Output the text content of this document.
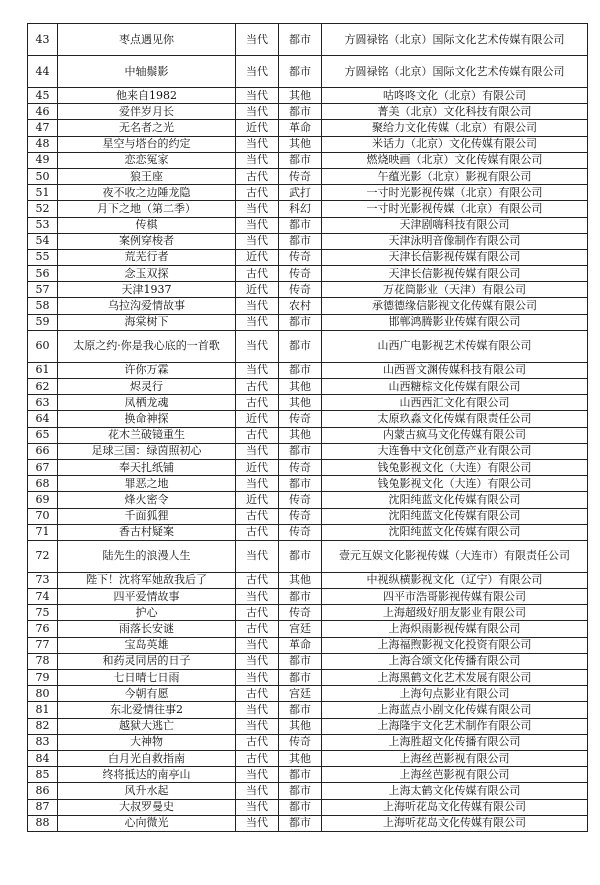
43	枣点遇见你	当代	都市	方圆禄铭（北京）国际文化艺术传媒有限公司
44	中轴鬃影	当代	都市	方圆禄铭（北京）国际文化艺术传媒有限公司
45	他来自1982	当代	其他	咕咚咚文化（北京）有限公司
46	爱伴岁月长	当代	都市	菁美（北京）文化科技有限公司
47	无名者之光	近代	革命	聚给力文化传媒（北京）有限公司
48	星空与塔台的约定	当代	其他	米话力（北京）文化传媒有限公司
49	恋恋冤家	当代	都市	燃烧映画（北京）文化传媒有限公司
50	狼王座	古代	传奇	午蕴光影（北京）影视有限公司
51	夜不收之边陲龙隐	古代	武打	一寸时光影视传媒（北京）有限公司
52	月下之地（第二季）	当代	科幻	一寸时光影视传媒（北京）有限公司
53	传棋	当代	都市	天津剧嗨科技有限公司
54	案例穿梭者	当代	都市	天津泳明音像制作有限公司
55	荒芜行者	近代	传奇	天津长信影视传媒有限公司
56	念玉双探	古代	传奇	天津长信影视传媒有限公司
57	天津1937	近代	传奇	万花筒影业（天津）有限公司
58	乌拉沟爱情故事	当代	农村	承德德缘信影视文化传媒有限公司
59	海棠树下	当代	都市	邯郸鸿腾影业传媒有限公司
60	太原之约·你是我心底的一首歌	当代	都市	山西广电影视艺术传媒有限公司
61	许你万霖	当代	都市	山西晋文渊传媒科技有限公司
62	烬灵行	古代	其他	山西糖棕文化传媒有限公司
63	凤栖龙魂	古代	其他	山西西汇文化有限公司
64	换命神探	近代	传奇	太原玖淼文化传媒有限责任公司
65	花木兰破镜重生	古代	其他	内蒙古疯马文化传媒有限公司
66	足球三国：绿茵照初心	当代	都市	大连鲁中文化创意产业有限公司
67	奉天扎纸铺	近代	传奇	钱兔影视文化（大连）有限公司
68	罪恶之地	当代	都市	钱兔影视文化（大连）有限公司
69	烽火密令	近代	传奇	沈阳纯蓝文化传媒有限公司
70	千面狐狸	古代	传奇	沈阳纯蓝文化传媒有限公司
71	香古村疑案	古代	传奇	沈阳纯蓝文化传媒有限公司
72	陆先生的浪漫人生	当代	都市	壹元互娱文化影视传媒（大连市）有限责任公司
73	陛下！沈将军她敌我后了	古代	其他	中视纵横影视文化（辽宁）有限公司
74	四平爱情故事	当代	都市	四平市浩哥影视传媒有限公司
75	护心	古代	传奇	上海超级好朋友影业有限公司
76	雨落长安谜	古代	宫廷	上海炽雨影视传媒有限公司
77	宝岛英雄	当代	革命	上海福煦影视文化投资有限公司
78	和药灵同居的日子	当代	都市	上海合颂文化传播有限公司
79	七日晴七日雨	当代	都市	上海黑鹤文化艺术发展有限公司
80	今朝有愿	古代	宫廷	上海句点影业有限公司
81	东北爱情往事2	当代	都市	上海蓝点小剧文化传媒有限公司
82	越狱大逃亡	当代	其他	上海隆宇文化艺术制作有限公司
83	大神物	古代	传奇	上海胜超文化传播有限公司
84	白月光自救指南	古代	其他	上海丝芭影视有限公司
85	终将抵达的南亭山	当代	都市	上海丝芭影视有限公司
86	风升水起	当代	都市	上海太鹤文化传媒有限公司
87	大叔罗曼史	当代	都市	上海听花岛文化传媒有限公司
88	心向微光	当代	都市	上海听花岛文化传媒有限公司
